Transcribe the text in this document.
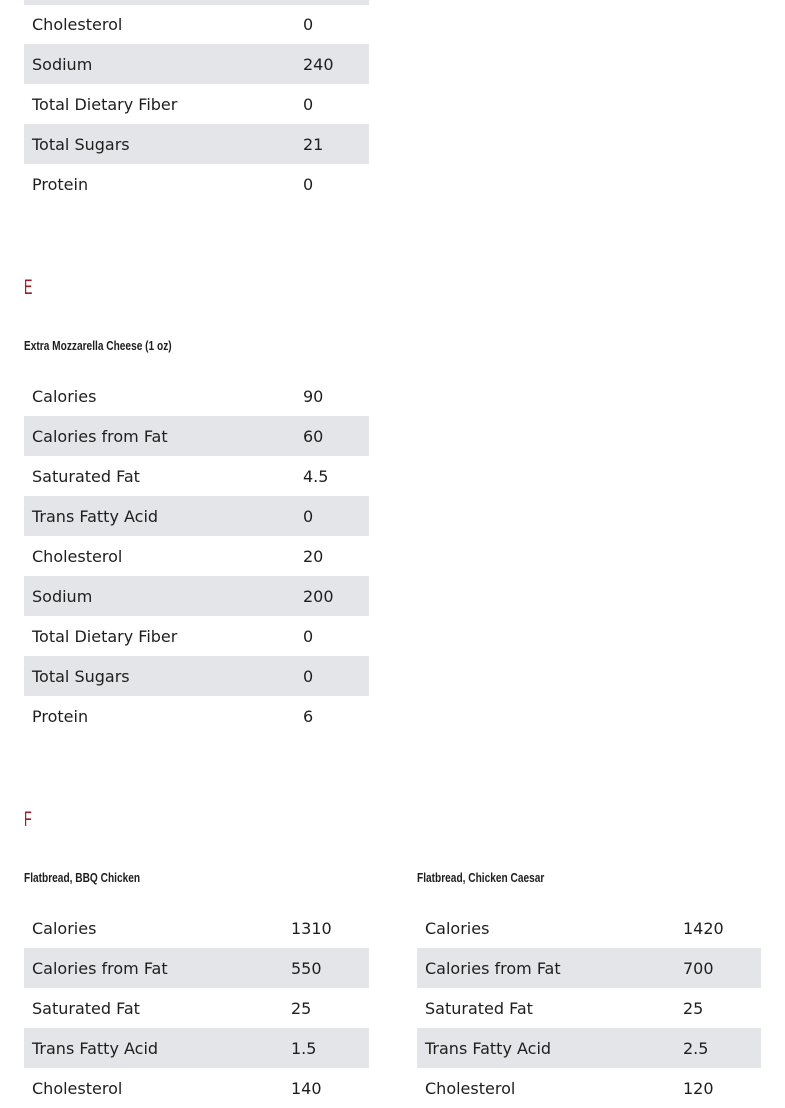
Cholesterol	0
Sodium	240
Total Dietary Fiber	0
Total Sugars	21
Protein	0
E
Extra Mozzarella Cheese (1 oz)
Calories	90
Calories from Fat	60
Saturated Fat	4.5
Trans Fatty Acid	0
Cholesterol	20
Sodium	200
Total Dietary Fiber	0
Total Sugars	0
Protein	6
F
Flatbread, BBQ Chicken
Calories	1310
Calories from Fat	550
Saturated Fat	25
Trans Fatty Acid	1.5
Cholesterol	140
Flatbread, Chicken Caesar
Calories	1420
Calories from Fat	700
Saturated Fat	25
Trans Fatty Acid	2.5
Cholesterol	120
